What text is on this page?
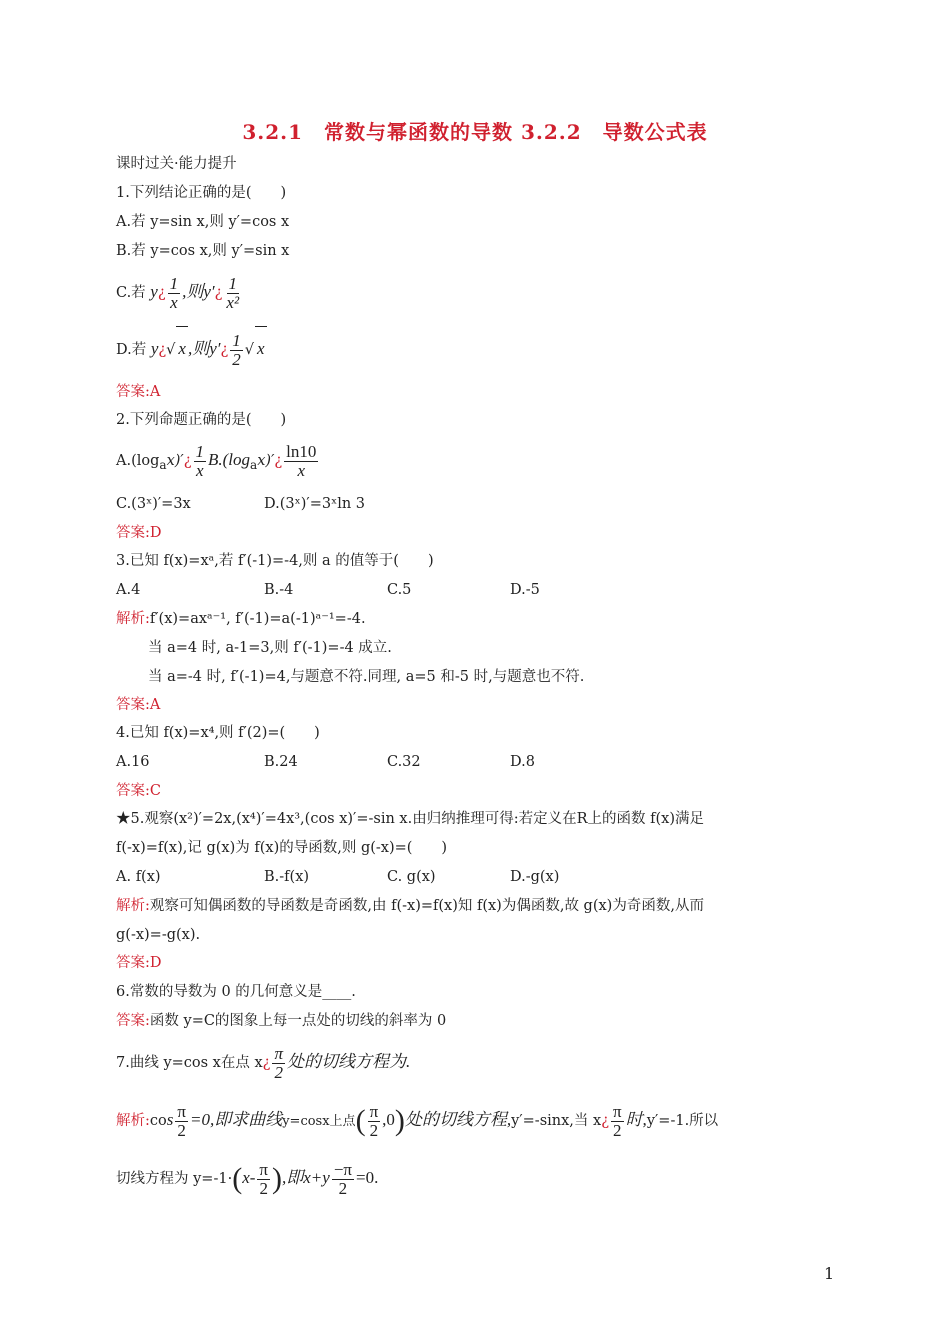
3.2.1　常数与幂函数的导数 3.2.2　导数公式表
课时过关·能力提升
1.下列结论正确的是(　　)
A.若 y=sin x,则 y′=cos x
B.若 y=cos x,则 y′=sin x
C.若 y¿ $\frac{1}{x}$ ,则y′¿ $\frac{1}{\text{x²}}$
D.若 y¿√ x ,则y′¿ $\frac{1}{2}$ √ x
答案:A
2.下列命题正确的是(　　)
$A.(\log_ax)'¿ \frac{1}{x}$ $B.(\log_ax)'¿ \frac{\ln 10}{x}$
C.(3ˣ)′=3x	D.(3ˣ)′=3ˣln 3
答案:D
3.已知 f(x)=xᵃ,若 f′(-1)=-4,则 a 的值等于(　　)
A.4	B.-4	C.5	D.-5
解析:f′(x)=axᵃ⁻¹, f′(-1)=a(-1)ᵃ⁻¹=-4.
当 a=4 时, a-1=3,则 f′(-1)=-4 成立.
当 a=-4 时, f′(-1)=4,与题意不符.同理, a=5 和-5 时,与题意也不符.
答案:A
4.已知 f(x)=x⁴,则 f′(2)=(　　)
A.16	B.24	C.32	D.8
答案:C
★5.观察(x²)′=2x,(x⁴)′=4x³,(cos x)′=-sin x.由归纳推理可得:若定义在R上的函数 f(x)满足
f(-x)=f(x),记 g(x)为 f(x)的导函数,则 g(-x)=(　　)
A. f(x)	B.-f(x)	C. g(x)	D.-g(x)
解析:观察可知偶函数的导函数是奇函数,由 f(-x)=f(x)知 f(x)为偶函数,故 g(x)为奇函数,从而
g(-x)=-g(x).
答案:D
6.常数的导数为 0 的几何意义是____.
答案:函数 y=C的图象上每一点处的切线的斜率为 0
7.曲线 y=cos x在点 x¿ $\frac{\pi}{2}$ 处的切线方程为.
解析:cos $\frac{\pi}{2} =0$,即求曲线y=cosx上点( $\frac{\pi}{2} ,0$)处的切线方程,y′=-sinx,当 x¿ $\frac{\pi}{2}$ 时,y′=-1.所以
切线方程为 $y=-1\cdot(x- \frac{\pi}{2}$ ),即$x+y \frac{-\pi}{2} =0$.
1
